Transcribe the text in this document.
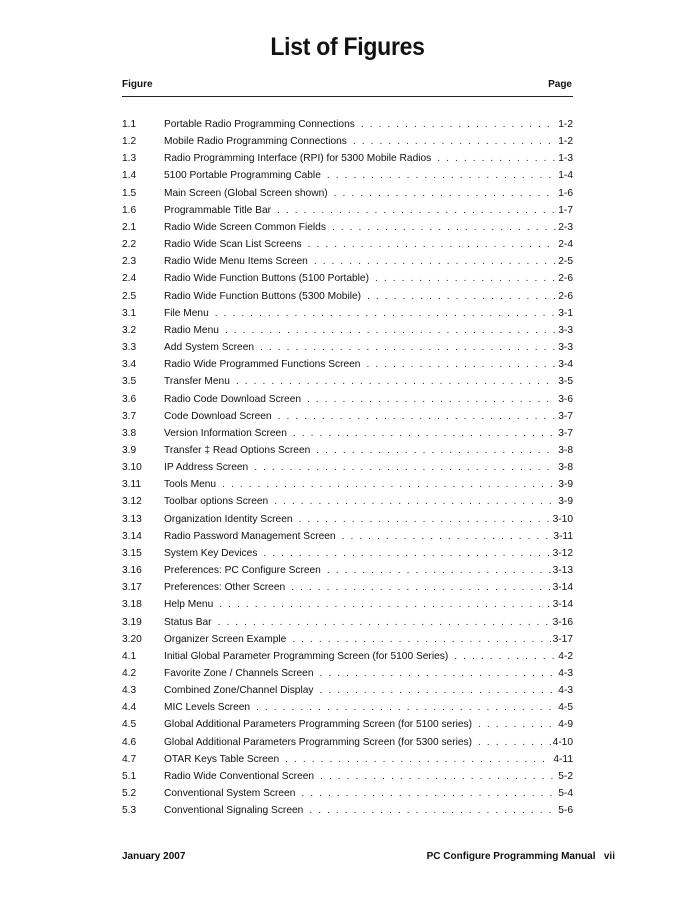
List of Figures
Figure	Page
1.1	Portable Radio Programming Connections . . .	1-2
1.2	Mobile Radio Programming Connections . . .	1-2
1.3	Radio Programming Interface (RPI) for 5300 Mobile Radios . . .	1-3
1.4	5100 Portable Programming Cable . . .	1-4
1.5	Main Screen (Global Screen shown) . . .	1-6
1.6	Programmable Title Bar . . .	1-7
2.1	Radio Wide Screen Common Fields . . .	2-3
2.2	Radio Wide Scan List Screens . . .	2-4
2.3	Radio Wide Menu Items Screen . . .	2-5
2.4	Radio Wide Function Buttons (5100 Portable) . . .	2-6
2.5	Radio Wide Function Buttons (5300 Mobile) . . .	2-6
3.1	File Menu . . .	3-1
3.2	Radio Menu . . .	3-3
3.3	Add System Screen . . .	3-3
3.4	Radio Wide Programmed Functions Screen . . .	3-4
3.5	Transfer Menu . . .	3-5
3.6	Radio Code Download Screen . . .	3-6
3.7	Code Download Screen . . .	3-7
3.8	Version Information Screen . . .	3-7
3.9	Transfer ‡ Read Options Screen . . .	3-8
3.10	IP Address Screen . . .	3-8
3.11	Tools Menu . . .	3-9
3.12	Toolbar options Screen . . .	3-9
3.13	Organization Identity Screen . . .	3-10
3.14	Radio Password Management Screen . . .	3-11
3.15	System Key Devices . . .	3-12
3.16	Preferences: PC Configure Screen . . .	3-13
3.17	Preferences: Other Screen . . .	3-14
3.18	Help Menu . . .	3-14
3.19	Status Bar . . .	3-16
3.20	Organizer Screen Example . . .	3-17
4.1	Initial Global Parameter Programming Screen (for 5100 Series) . . .	4-2
4.2	Favorite Zone / Channels Screen . . .	4-3
4.3	Combined Zone/Channel Display . . .	4-3
4.4	MIC Levels Screen . . .	4-5
4.5	Global Additional Parameters Programming Screen (for 5100 series) . . .	4-9
4.6	Global Additional Parameters Programming Screen (for 5300 series) . . .	4-10
4.7	OTAR Keys Table Screen . . .	4-11
5.1	Radio Wide Conventional Screen . . .	5-2
5.2	Conventional System Screen . . .	5-4
5.3	Conventional Signaling Screen . . .	5-6
January 2007	PC Configure Programming Manual vii
